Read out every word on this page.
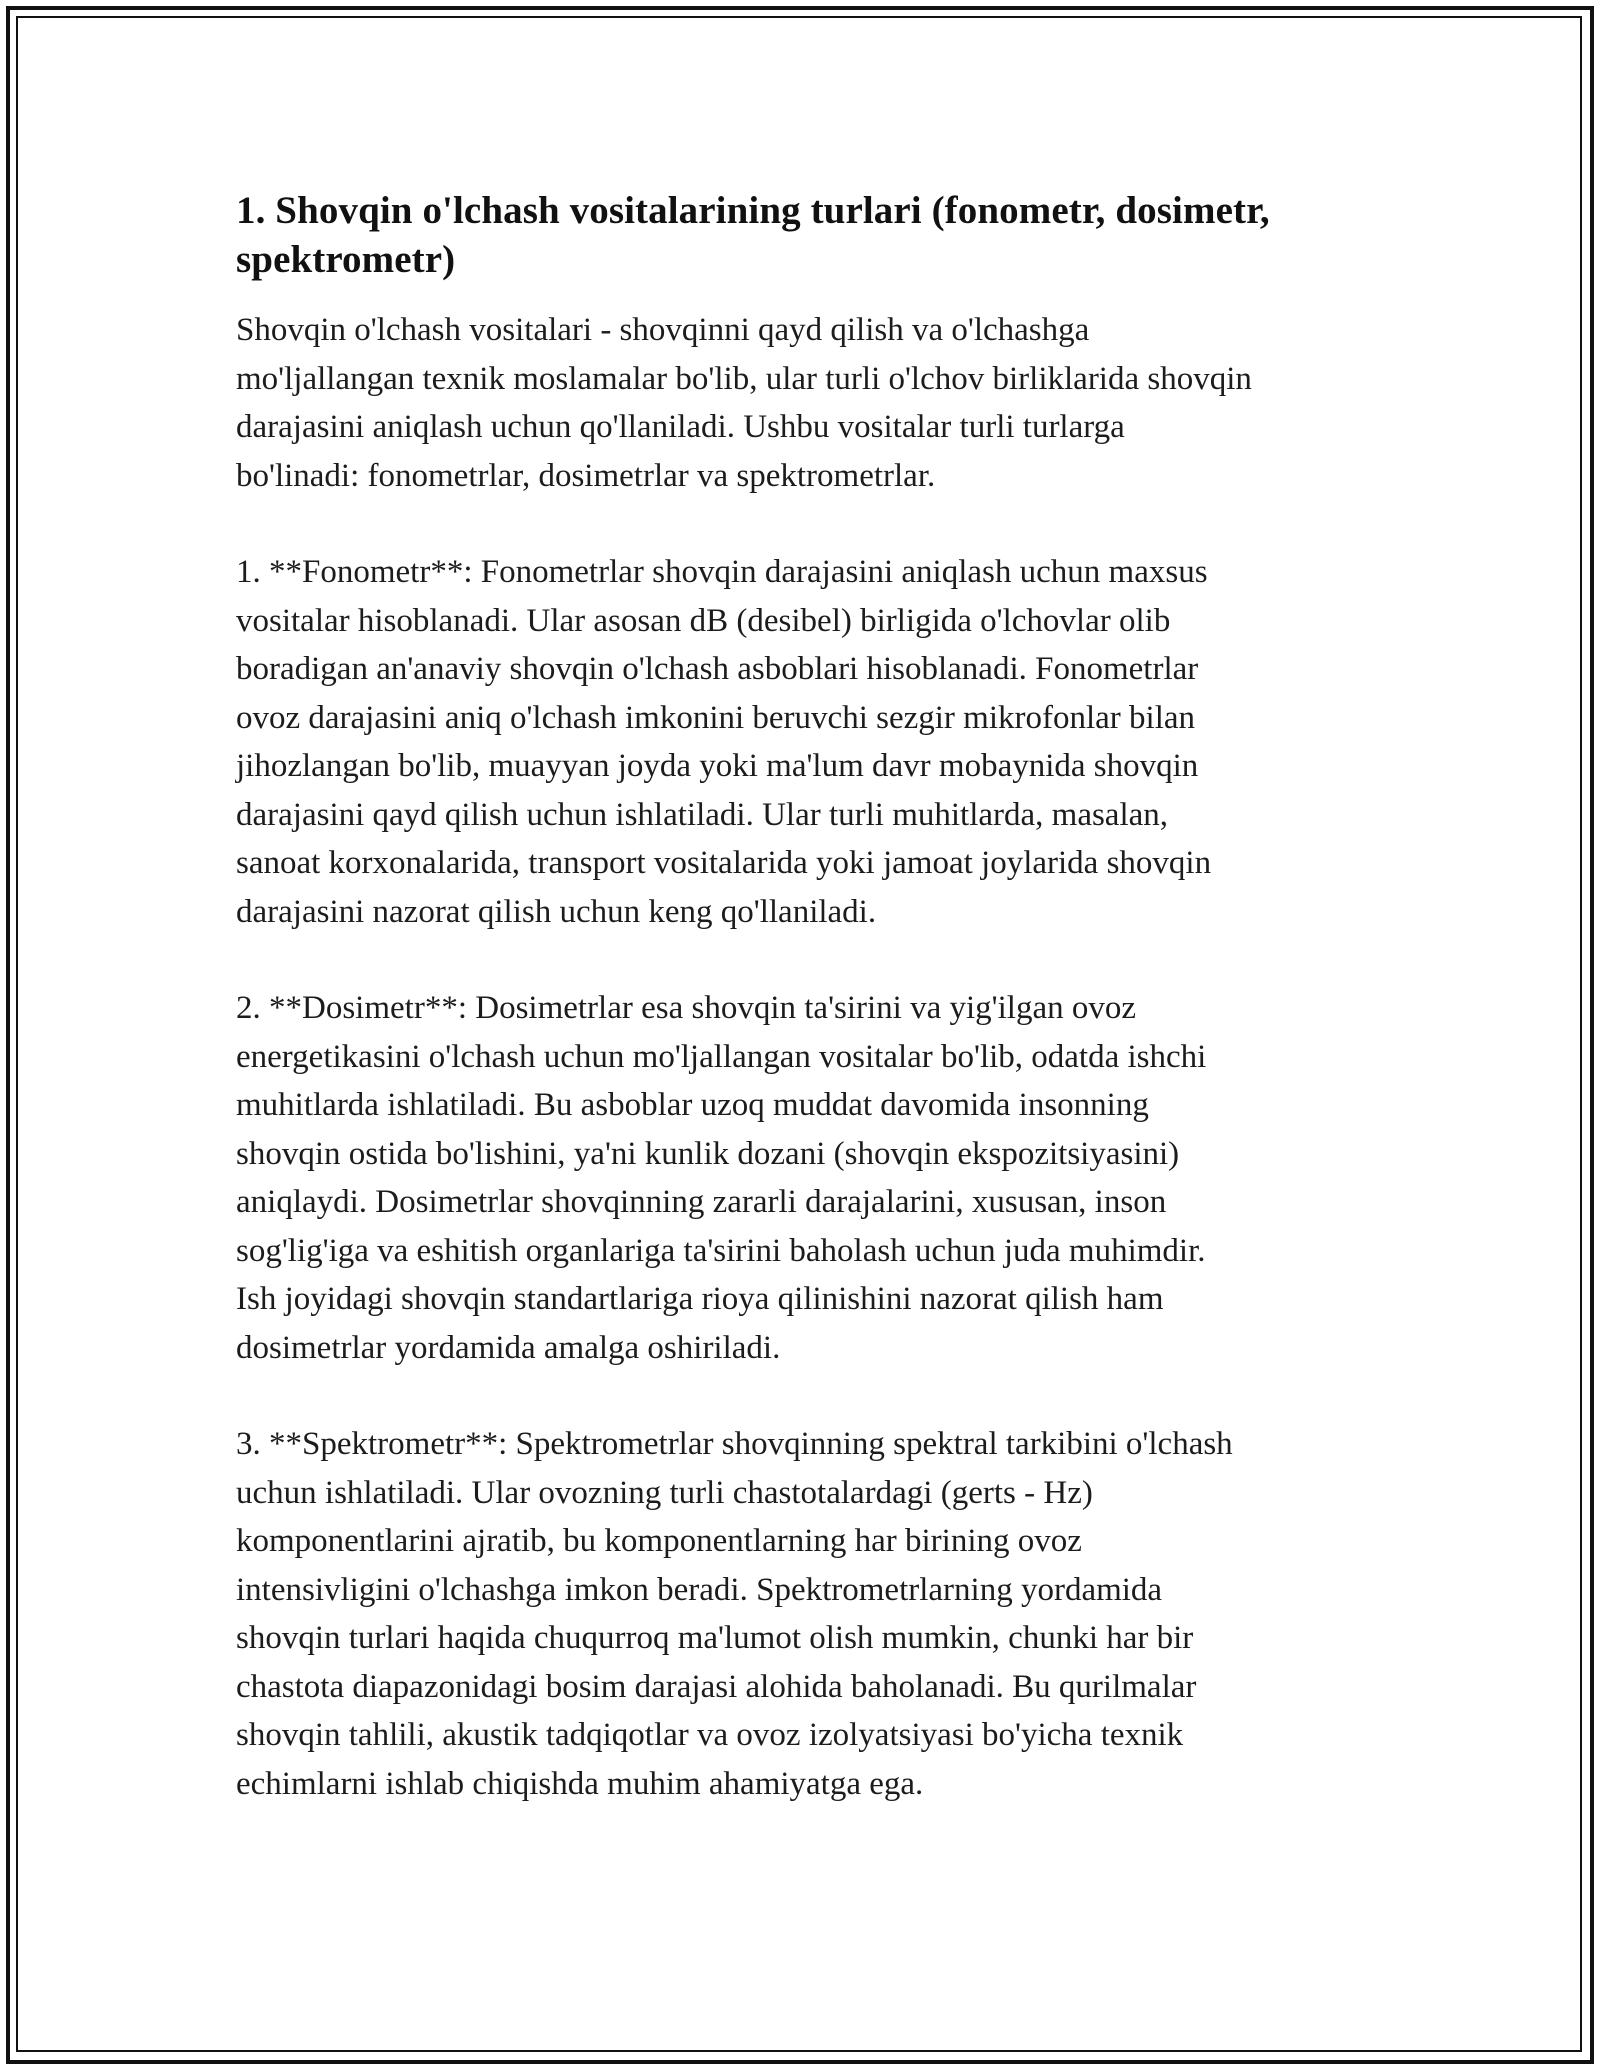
1. Shovqin o'lchash vositalarining turlari (fonometr, dosimetr,
spektrometr)

Shovqin o'lchash vositalari - shovqinni qayd qilish va o'lchashga
mo'ljallangan texnik moslamalar bo'lib, ular turli o'lchov birliklarida shovqin
darajasini aniqlash uchun qo'llaniladi. Ushbu vositalar turli turlarga
bo'linadi: fonometrlar, dosimetrlar va spektrometrlar.

1. **Fonometr**: Fonometrlar shovqin darajasini aniqlash uchun maxsus
vositalar hisoblanadi. Ular asosan dB (desibel) birligida o'lchovlar olib
boradigan an'anaviy shovqin o'lchash asboblari hisoblanadi. Fonometrlar
ovoz darajasini aniq o'lchash imkonini beruvchi sezgir mikrofonlar bilan
jihozlangan bo'lib, muayyan joyda yoki ma'lum davr mobaynida shovqin
darajasini qayd qilish uchun ishlatiladi. Ular turli muhitlarda, masalan,
sanoat korxonalarida, transport vositalarida yoki jamoat joylarida shovqin
darajasini nazorat qilish uchun keng qo'llaniladi.

2. **Dosimetr**: Dosimetrlar esa shovqin ta'sirini va yig'ilgan ovoz
energetikasini o'lchash uchun mo'ljallangan vositalar bo'lib, odatda ishchi
muhitlarda ishlatiladi. Bu asboblar uzoq muddat davomida insonning
shovqin ostida bo'lishini, ya'ni kunlik dozani (shovqin ekspozitsiyasini)
aniqlaydi. Dosimetrlar shovqinning zararli darajalarini, xususan, inson
sog'lig'iga va eshitish organlariga ta'sirini baholash uchun juda muhimdir.
Ish joyidagi shovqin standartlariga rioya qilinishini nazorat qilish ham
dosimetrlar yordamida amalga oshiriladi.

3. **Spektrometr**: Spektrometrlar shovqinning spektral tarkibini o'lchash
uchun ishlatiladi. Ular ovozning turli chastotalardagi (gerts - Hz)
komponentlarini ajratib, bu komponentlarning har birining ovoz
intensivligini o'lchashga imkon beradi. Spektrometrlarning yordamida
shovqin turlari haqida chuqurroq ma'lumot olish mumkin, chunki har bir
chastota diapazonidagi bosim darajasi alohida baholanadi. Bu qurilmalar
shovqin tahlili, akustik tadqiqotlar va ovoz izolyatsiyasi bo'yicha texnik
echimlarni ishlab chiqishda muhim ahamiyatga ega.
